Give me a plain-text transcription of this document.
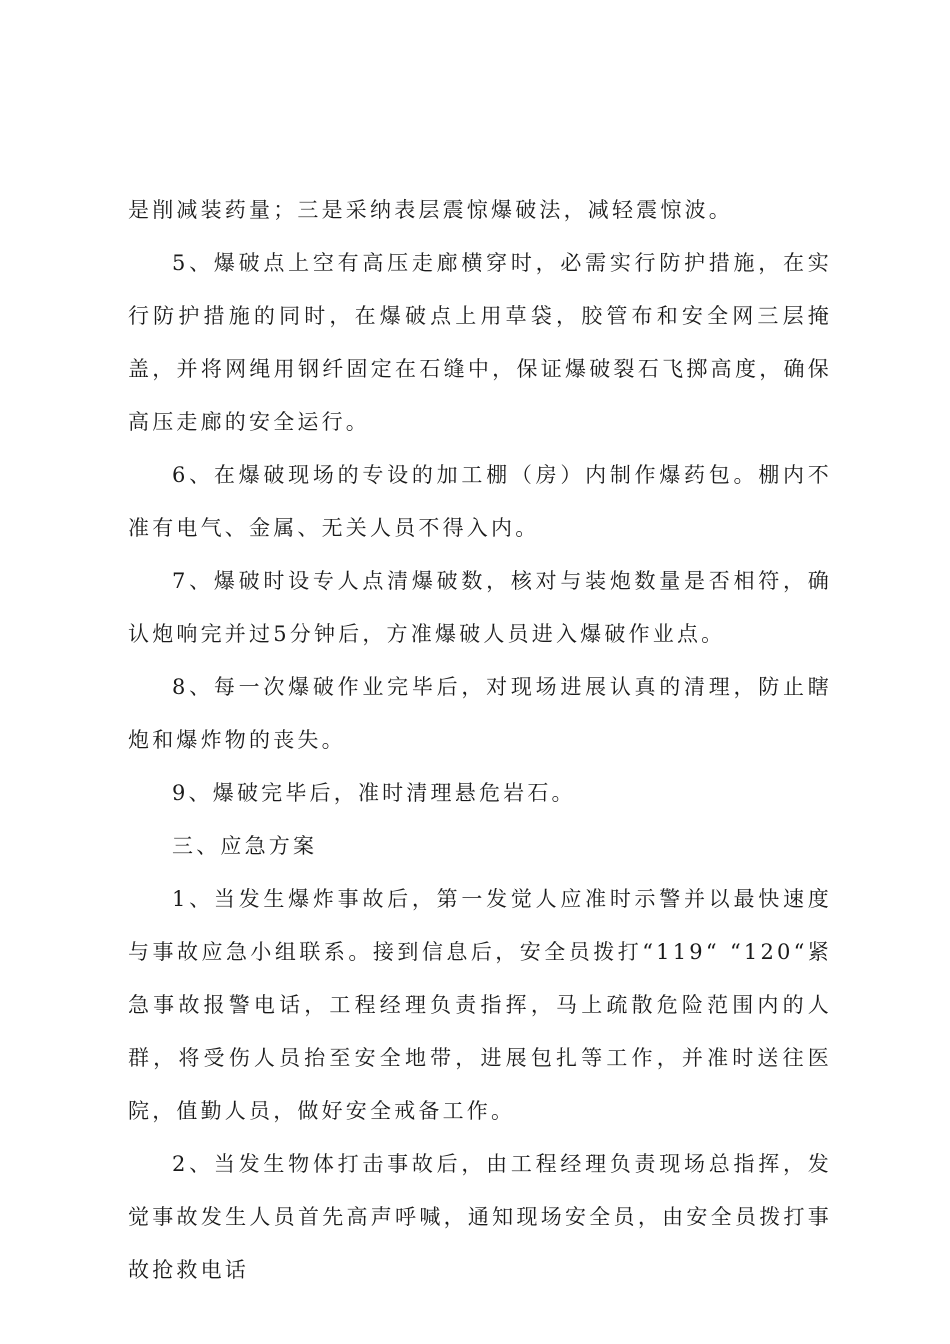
是削减装药量；三是采纳表层震惊爆破法，减轻震惊波。

5、爆破点上空有高压走廊横穿时，必需实行防护措施，在实行防护措施的同时，在爆破点上用草袋，胶管布和安全网三层掩盖，并将网绳用钢纤固定在石缝中，保证爆破裂石飞掷高度，确保高压走廊的安全运行。

6、在爆破现场的专设的加工棚（房）内制作爆药包。棚内不准有电气、金属、无关人员不得入内。

7、爆破时设专人点清爆破数，核对与装炮数量是否相符，确认炮响完并过5分钟后，方准爆破人员进入爆破作业点。

8、每一次爆破作业完毕后，对现场进展认真的清理，防止瞎炮和爆炸物的丧失。

9、爆破完毕后，准时清理悬危岩石。

三、应急方案

1、当发生爆炸事故后，第一发觉人应准时示警并以最快速度与事故应急小组联系。接到信息后，安全员拨打“119“ “120“紧急事故报警电话，工程经理负责指挥，马上疏散危险范围内的人群，将受伤人员抬至安全地带，进展包扎等工作，并准时送往医院，值勤人员，做好安全戒备工作。

2、当发生物体打击事故后，由工程经理负责现场总指挥，发觉事故发生人员首先高声呼喊，通知现场安全员，由安全员拨打事故抢救电话
